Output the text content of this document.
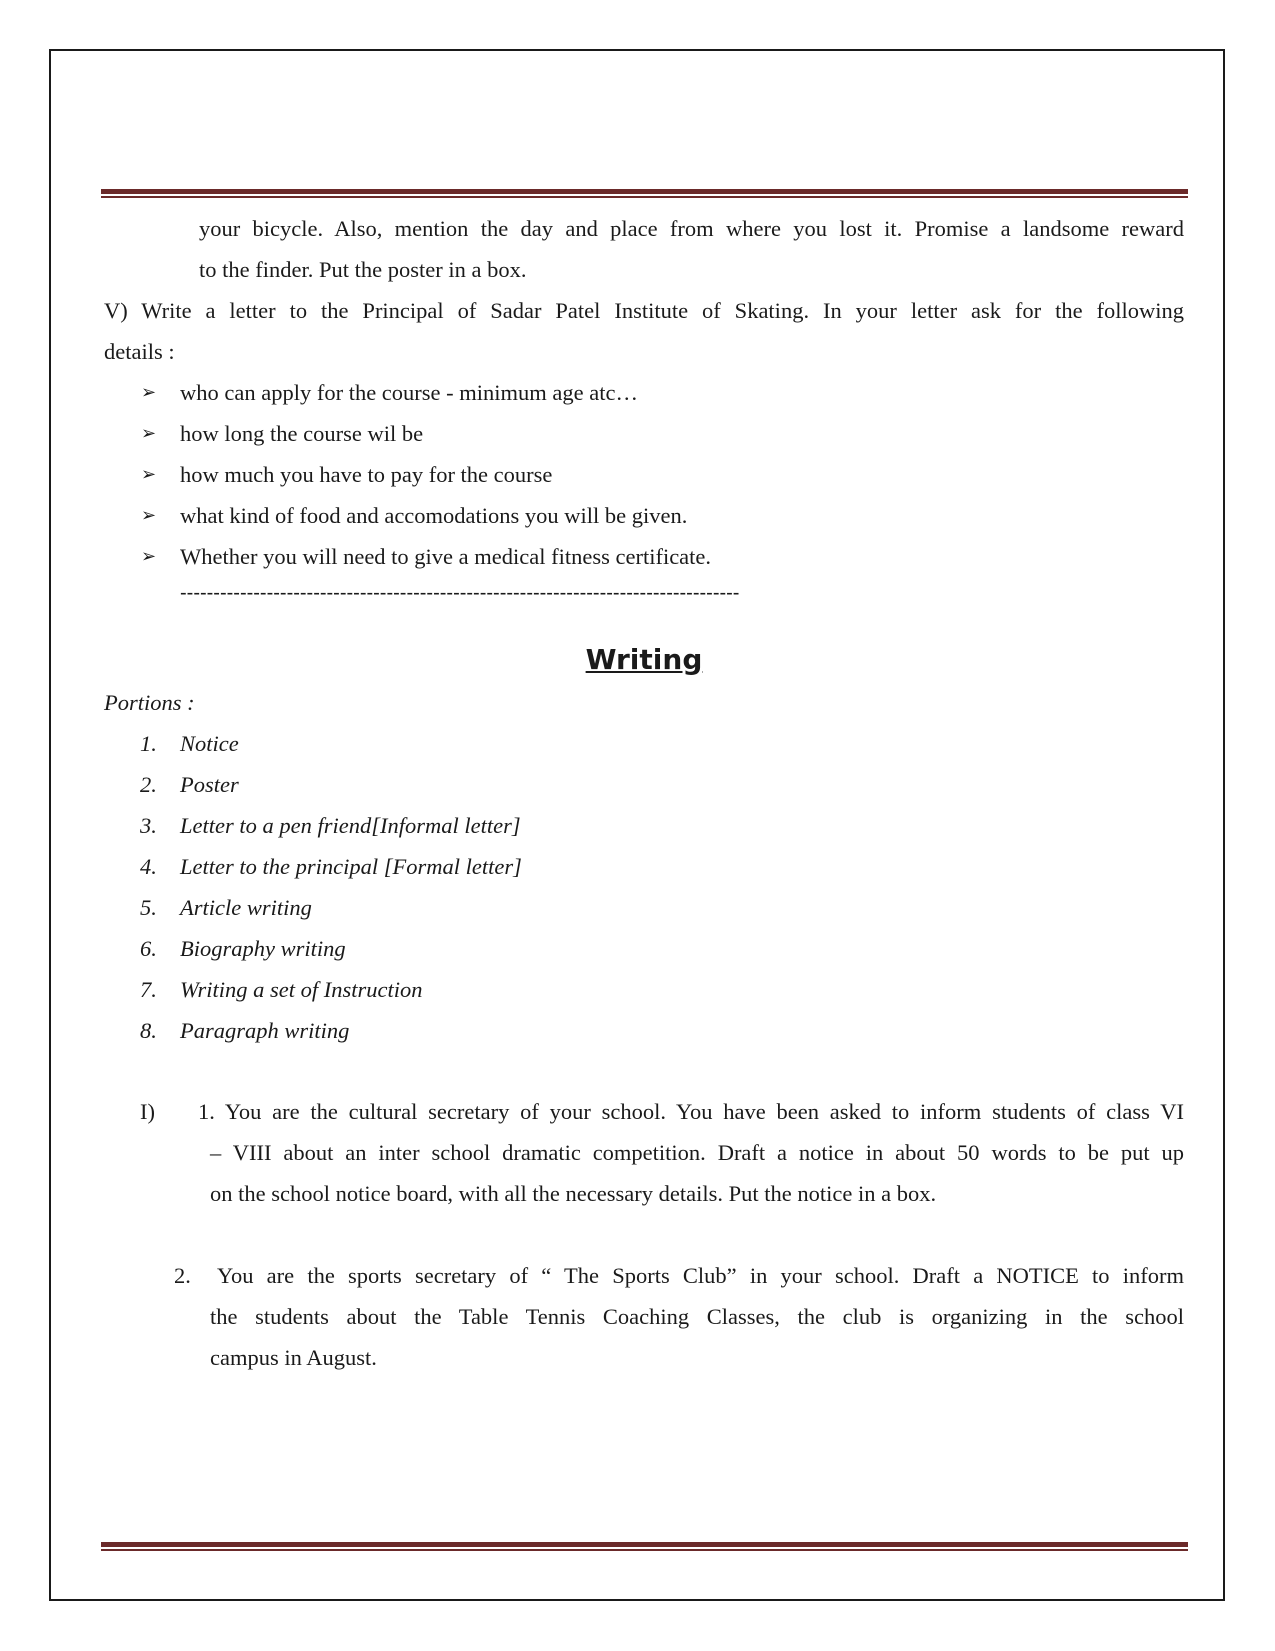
your bicycle. Also, mention the day and place from where you lost it. Promise a landsome reward
to the finder. Put the poster in a box.
V) Write a letter to the Principal of Sadar Patel Institute of Skating. In your letter ask for the following
details :
➢ who can apply for the course - minimum age atc…
➢ how long the course wil be
➢ how much you have to pay for the course
➢ what kind of food and accomodations you will be given.
➢ Whether you will need to give a medical fitness certificate.
------------------------------------------------------------------------------------
Writing
Portions :
1. Notice
2. Poster
3. Letter to a pen friend[Informal letter]
4. Letter to the principal [Formal letter]
5. Article writing
6. Biography writing
7. Writing a set of Instruction
8. Paragraph writing
I) 1. You are the cultural secretary of your school. You have been asked to inform students of class VI
– VIII about an inter school dramatic competition. Draft a notice in about 50 words to be put up
on the school notice board, with all the necessary details. Put the notice in a box.
2. You are the sports secretary of “ The Sports Club” in your school. Draft a NOTICE to inform
the students about the Table Tennis Coaching Classes, the club is organizing in the school
campus in August.
